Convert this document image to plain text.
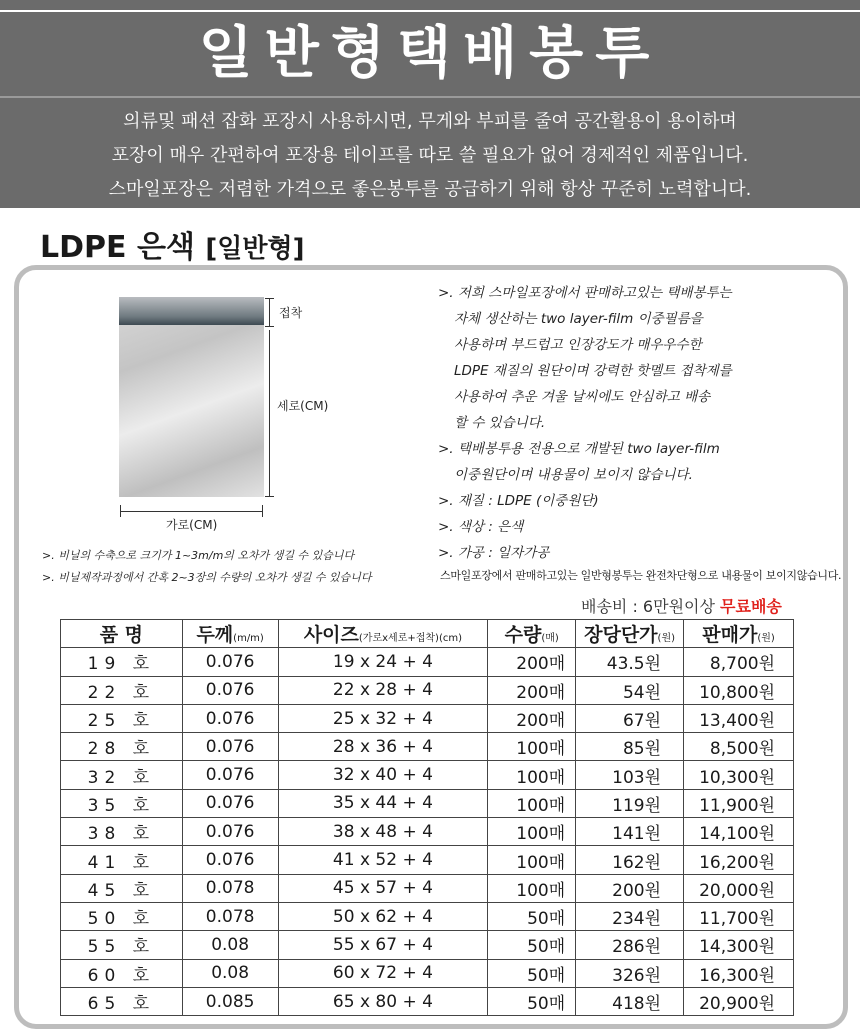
일반형택배봉투
의류및 패션 잡화 포장시 사용하시면, 무게와 부피를 줄여 공간활용이 용이하며
포장이 매우 간편하여 포장용 테이프를 따로 쓸 필요가 없어 경제적인 제품입니다.
스마일포장은 저렴한 가격으로 좋은봉투를 공급하기 위해 항상 꾸준히 노력합니다.
LDPE 은색 [일반형]
접착
세로(CM)
가로(CM)
>. 비닐의 수축으로 크기가 1~3m/m의 오차가 생길 수 있습니다
>. 비닐제작과정에서 간혹 2~3장의 수량의 오차가 생길 수 있습니다
>. 저희 스마일포장에서 판매하고있는 택배봉투는
자체 생산하는 two layer-film 이중필름을
사용하며 부드럽고 인장강도가 매우우수한
LDPE 재질의 원단이며 강력한 핫멜트 접착제를
사용하여 추운 겨울 날씨에도 안심하고 배송
할 수 있습니다.
>. 택배봉투용 전용으로 개발된 two layer-film
이중원단이며 내용물이 보이지 않습니다.
>. 재질 : LDPE (이중원단)
>. 색상 : 은색
>. 가공 : 일자가공
스마일포장에서 판매하고있는 일반형봉투는 완전차단형으로 내용물이 보이지않습니다.
배송비 : 6만원이상 무료배송
품 명	두께(m/m)	사이즈(가로x세로+접착)(cm)	수량(매)	장당단가(원)	판매가(원)
19 호	0.076	19 x 24 + 4	200매	43.5원	8,700원
22 호	0.076	22 x 28 + 4	200매	54원	10,800원
25 호	0.076	25 x 32 + 4	200매	67원	13,400원
28 호	0.076	28 x 36 + 4	100매	85원	8,500원
32 호	0.076	32 x 40 + 4	100매	103원	10,300원
35 호	0.076	35 x 44 + 4	100매	119원	11,900원
38 호	0.076	38 x 48 + 4	100매	141원	14,100원
41 호	0.076	41 x 52 + 4	100매	162원	16,200원
45 호	0.078	45 x 57 + 4	100매	200원	20,000원
50 호	0.078	50 x 62 + 4	50매	234원	11,700원
55 호	0.08	55 x 67 + 4	50매	286원	14,300원
60 호	0.08	60 x 72 + 4	50매	326원	16,300원
65 호	0.085	65 x 80 + 4	50매	418원	20,900원
